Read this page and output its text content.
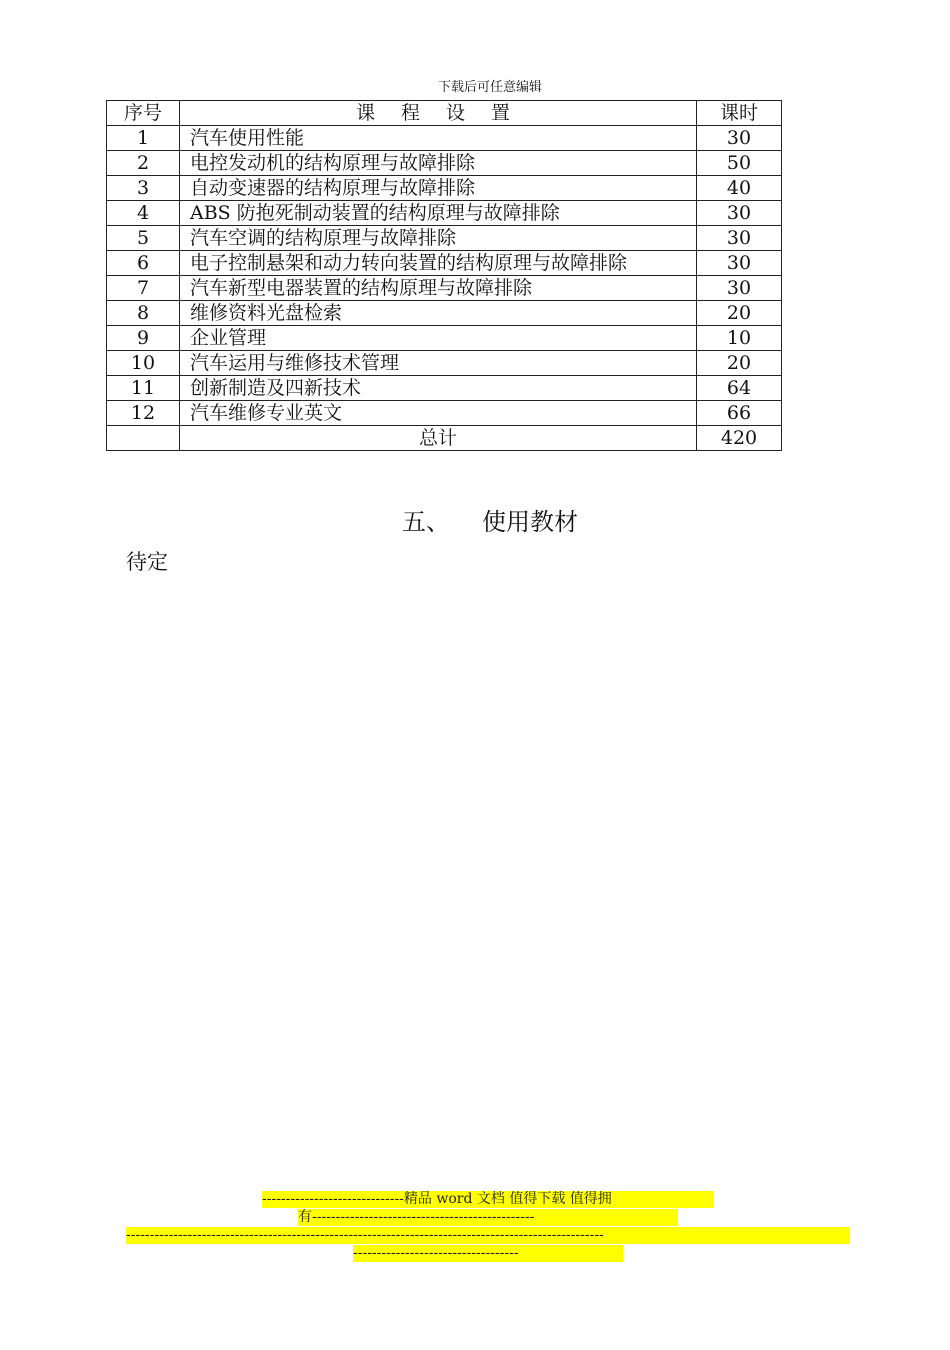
下载后可任意编辑
序号	课 程 设 置	课时
1	汽车使用性能	30
2	电控发动机的结构原理与故障排除	50
3	自动变速器的结构原理与故障排除	40
4	ABS 防抱死制动装置的结构原理与故障排除	30
5	汽车空调的结构原理与故障排除	30
6	电子控制悬架和动力转向装置的结构原理与故障排除	30
7	汽车新型电器装置的结构原理与故障排除	30
8	维修资料光盘检索	20
9	企业管理	10
10	汽车运用与维修技术管理	20
11	创新制造及四新技术	64
12	汽车维修专业英文	66
	总计	420
五、 使用教材
待定
------------------------------精品 word 文档 值得下载 值得拥
有-----------------------------------------------
-----------------------------------------------------------------------------------------------------
-----------------------------------
